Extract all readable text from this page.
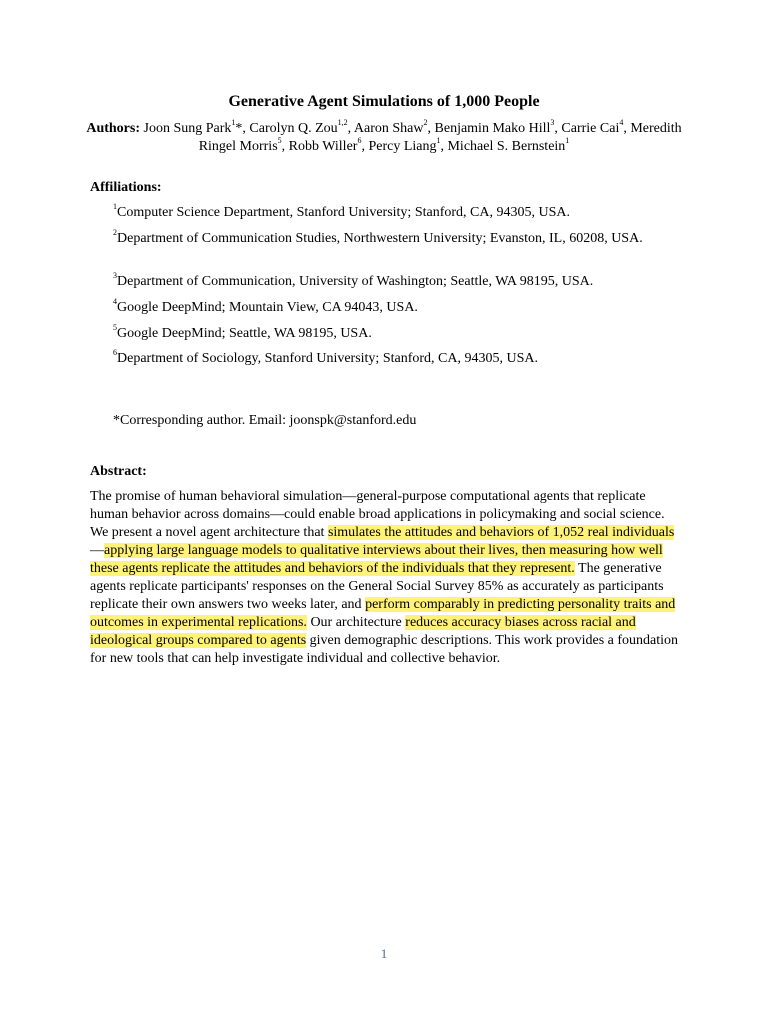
Generative Agent Simulations of 1,000 People
Authors: Joon Sung Park$^1$*, Carolyn Q. Zou$^{1,2}$, Aaron Shaw$^2$, Benjamin Mako Hill$^3$, Carrie Cai$^4$, Meredith Ringel Morris$^5$, Robb Willer$^6$, Percy Liang$^1$, Michael S. Bernstein$^1$
Affiliations:
$^1$Computer Science Department, Stanford University; Stanford, CA, 94305, USA.
$^2$Department of Communication Studies, Northwestern University; Evanston, IL, 60208, USA.
$^3$Department of Communication, University of Washington; Seattle, WA 98195, USA.
$^4$Google DeepMind; Mountain View, CA 94043, USA.
$^5$Google DeepMind; Seattle, WA 98195, USA.
$^6$Department of Sociology, Stanford University; Stanford, CA, 94305, USA.
*Corresponding author. Email: joonspk@stanford.edu
Abstract:
The promise of human behavioral simulation—general-purpose computational agents that replicate human behavior across domains—could enable broad applications in policymaking and social science. We present a novel agent architecture that simulates the attitudes and behaviors of 1,052 real individuals—applying large language models to qualitative interviews about their lives, then measuring how well these agents replicate the attitudes and behaviors of the individuals that they represent. The generative agents replicate participants' responses on the General Social Survey 85% as accurately as participants replicate their own answers two weeks later, and perform comparably in predicting personality traits and outcomes in experimental replications. Our architecture reduces accuracy biases across racial and ideological groups compared to agents given demographic descriptions. This work provides a foundation for new tools that can help investigate individual and collective behavior.
1
